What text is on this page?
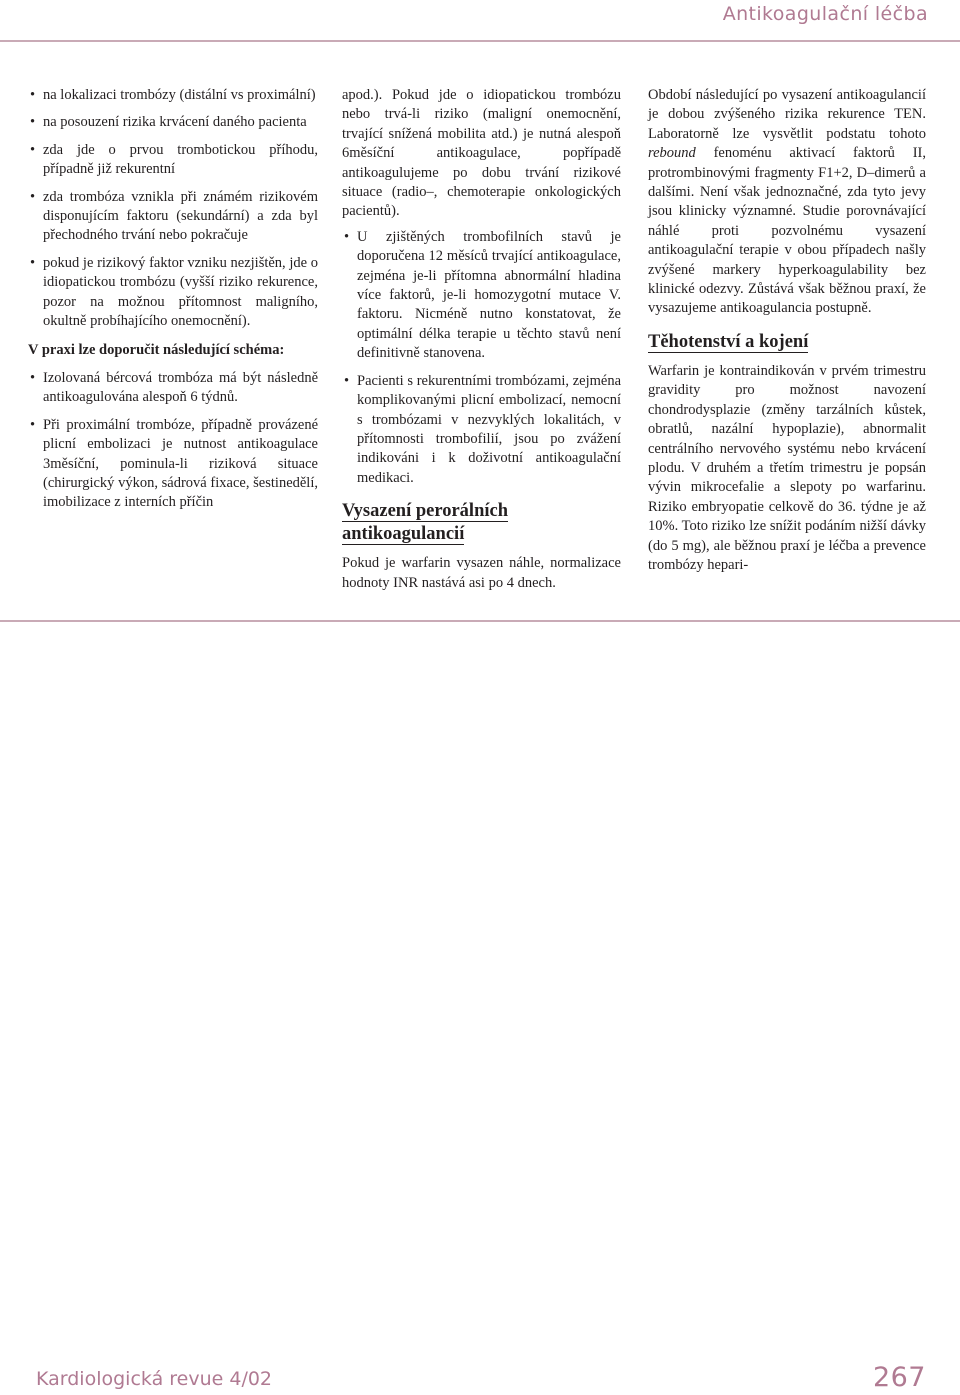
Antikoagulační léčba
• na lokalizaci trombózy (distální vs proximální)
• na posouzení rizika krvácení daného pacienta
• zda jde o prvou trombotickou příhodu, případně již rekurentní
• zda trombóza vznikla při známém rizikovém disponujícím faktoru (sekundární) a zda byl přechodného trvání nebo pokračuje
• pokud je rizikový faktor vzniku nezjištěn, jde o idiopatickou trombózu (vyšší riziko rekurence, pozor na možnou přítomnost maligního, okultně probíhajícího onemocnění).
V praxi lze doporučit následující schéma:
• Izolovaná bércová trombóza má být následně antikoagulována alespoň 6 týdnů.
• Při proximální trombóze, případně provázené plicní embolizaci je nutnost antikoagulace 3měsíční, pominula-li riziková situace (chirurgický výkon, sádrová fixace, šestinedělí, imobilizace z interních příčin

apod.). Pokud jde o idiopatickou trombózu nebo trvá-li riziko (maligní onemocnění, trvající snížená mobilita atd.) je nutná alespoň 6měsíční antikoagulace, popřípadě antikoagulujeme po dobu trvání rizikové situace (radio–, chemoterapie onkologických pacientů).

• U zjištěných trombofilních stavů je doporučena 12 měsíců trvající antikoagulace, zejména je-li přítomna abnormální hladina více faktorů, je-li homozygotní mutace V. faktoru. Nicméně nutno konstatovat, že optimální délka terapie u těchto stavů není definitivně stanovena.
• Pacienti s rekurentními trombózami, zejména komplikovanými plicní embolizací, nemocní s trombózami v nezvyklých lokalitách, v přítomnosti trombofilií, jsou po zvážení indikováni i k doživotní antikoagulační medikaci.
Vysazení perorálních antikoagulancií

Pokud je warfarin vysazen náhle, normalizace hodnoty INR nastává asi po 4 dnech.

Období následující po vysazení antikoagulancií je dobou zvýšeného rizika rekurence TEN. Laboratorně lze vysvětlit podstatu tohoto rebound fenoménu aktivací faktorů II, protrombinovými fragmenty F1+2, D–dimerů a dalšími. Není však jednoznačné, zda tyto jevy jsou klinicky významné. Studie porovnávající náhlé proti pozvolnému vysazení antikoagulační terapie v obou případech našly zvýšené markery hyperkoagulability bez klinické odezvy. Zůstává však běžnou praxí, že vysazujeme antikoagulancia postupně.

Těhotenství a kojení

Warfarin je kontraindikován v prvém trimestru gravidity pro možnost navození chondrodysplazie (změny tarzálních kůstek, obratlů, nazální hypoplazie), abnormalit centrálního nervového systému nebo krvácení plodu. V druhém a třetím trimestru je popsán vývin mikrocefalie a slepoty po warfarinu. Riziko embryopatie celkově do 36. týdne je až 10%. Toto riziko lze snížit podáním nižší dávky (do 5 mg), ale běžnou praxí je léčba a prevence trombózy hepari-

Kardiologická revue 4/02	267
